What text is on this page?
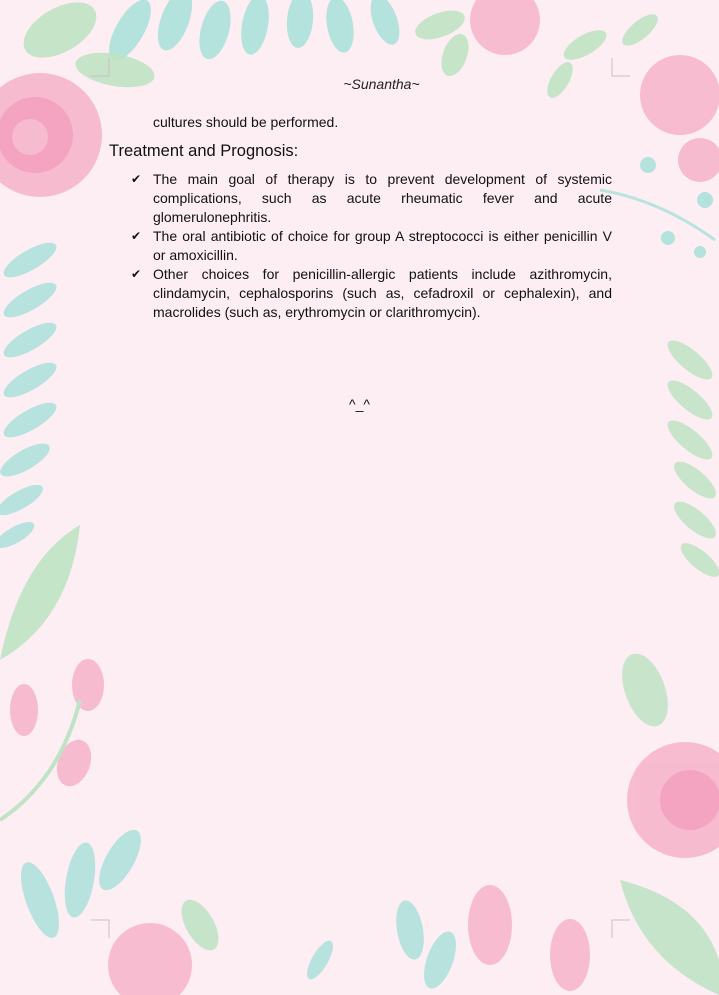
~Sunantha~
cultures should be performed.
Treatment and Prognosis:
✔ The main goal of therapy is to prevent development of systemic complications, such as acute rheumatic fever and acute glomerulonephritis.
✔ The oral antibiotic of choice for group A streptococci is either penicillin V or amoxicillin.
✔ Other choices for penicillin-allergic patients include azithromycin, clindamycin, cephalosporins (such as, cefadroxil or cephalexin), and macrolides (such as, erythromycin or clarithromycin).
^_^
